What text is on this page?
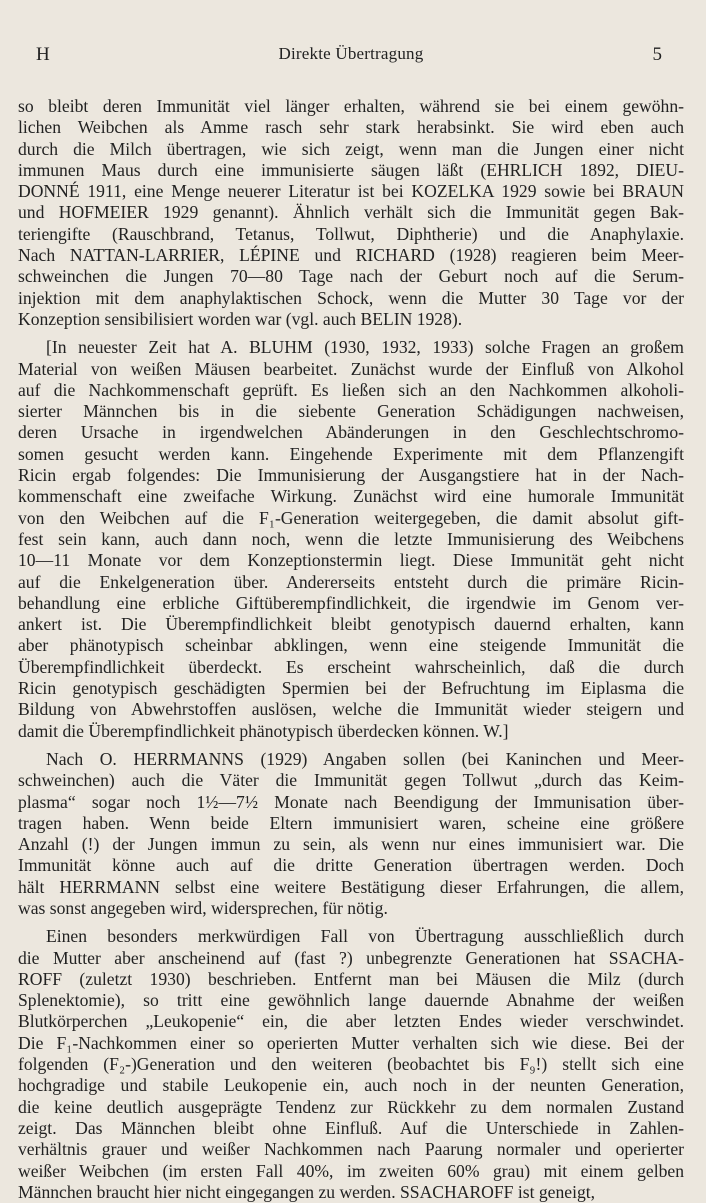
H	Direkte Übertragung	5
so bleibt deren Immunität viel länger erhalten, während sie bei einem gewöhn-
lichen Weibchen als Amme rasch sehr stark herabsinkt. Sie wird eben auch
durch die Milch übertragen, wie sich zeigt, wenn man die Jungen einer nicht
immunen Maus durch eine immunisierte säugen läßt (EHRLICH 1892, DIEU-
DONNÉ 1911, eine Menge neuerer Literatur ist bei KOZELKA 1929 sowie bei BRAUN
und HOFMEIER 1929 genannt). Ähnlich verhält sich die Immunität gegen Bak-
teriengifte (Rauschbrand, Tetanus, Tollwut, Diphtherie) und die Anaphylaxie.
Nach NATTAN-LARRIER, LÉPINE und RICHARD (1928) reagieren beim Meer-
schweinchen die Jungen 70—80 Tage nach der Geburt noch auf die Serum-
injektion mit dem anaphylaktischen Schock, wenn die Mutter 30 Tage vor der
Konzeption sensibilisiert worden war (vgl. auch BELIN 1928).
[In neuester Zeit hat A. BLUHM (1930, 1932, 1933) solche Fragen an großem
Material von weißen Mäusen bearbeitet. Zunächst wurde der Einfluß von Alkohol
auf die Nachkommenschaft geprüft. Es ließen sich an den Nachkommen alkoholi-
sierter Männchen bis in die siebente Generation Schädigungen nachweisen,
deren Ursache in irgendwelchen Abänderungen in den Geschlechtschromo-
somen gesucht werden kann. Eingehende Experimente mit dem Pflanzengift
Ricin ergab folgendes: Die Immunisierung der Ausgangstiere hat in der Nach-
kommenschaft eine zweifache Wirkung. Zunächst wird eine humorale Immunität
von den Weibchen auf die F₁-Generation weitergegeben, die damit absolut gift-
fest sein kann, auch dann noch, wenn die letzte Immunisierung des Weibchens
10—11 Monate vor dem Konzeptionstermin liegt. Diese Immunität geht nicht
auf die Enkelgeneration über. Andererseits entsteht durch die primäre Ricin-
behandlung eine erbliche Giftüberempfindlichkeit, die irgendwie im Genom ver-
ankert ist. Die Überempfindlichkeit bleibt genotypisch dauernd erhalten, kann
aber phänotypisch scheinbar abklingen, wenn eine steigende Immunität die
Überempfindlichkeit überdeckt. Es erscheint wahrscheinlich, daß die durch
Ricin genotypisch geschädigten Spermien bei der Befruchtung im Eiplasma die
Bildung von Abwehrstoffen auslösen, welche die Immunität wieder steigern und
damit die Überempfindlichkeit phänotypisch überdecken können. W.]
Nach O. HERRMANNS (1929) Angaben sollen (bei Kaninchen und Meer-
schweinchen) auch die Väter die Immunität gegen Tollwut „durch das Keim-
plasma“ sogar noch 1½—7½ Monate nach Beendigung der Immunisation über-
tragen haben. Wenn beide Eltern immunisiert waren, scheine eine größere
Anzahl (!) der Jungen immun zu sein, als wenn nur eines immunisiert war. Die
Immunität könne auch auf die dritte Generation übertragen werden. Doch
hält HERRMANN selbst eine weitere Bestätigung dieser Erfahrungen, die allem,
was sonst angegeben wird, widersprechen, für nötig.
Einen besonders merkwürdigen Fall von Übertragung ausschließlich durch
die Mutter aber anscheinend auf (fast ?) unbegrenzte Generationen hat SSACHA-
ROFF (zuletzt 1930) beschrieben. Entfernt man bei Mäusen die Milz (durch
Splenektomie), so tritt eine gewöhnlich lange dauernde Abnahme der weißen
Blutkörperchen „Leukopenie“ ein, die aber letzten Endes wieder verschwindet.
Die F₁-Nachkommen einer so operierten Mutter verhalten sich wie diese. Bei der
folgenden (F₂-)Generation und den weiteren (beobachtet bis F₉!) stellt sich eine
hochgradige und stabile Leukopenie ein, auch noch in der neunten Generation,
die keine deutlich ausgeprägte Tendenz zur Rückkehr zu dem normalen Zustand
zeigt. Das Männchen bleibt ohne Einfluß. Auf die Unterschiede in Zahlen-
verhältnis grauer und weißer Nachkommen nach Paarung normaler und operierter
weißer Weibchen (im ersten Fall 40%, im zweiten 60% grau) mit einem gelben
Männchen braucht hier nicht eingegangen zu werden. SSACHAROFF ist geneigt,
